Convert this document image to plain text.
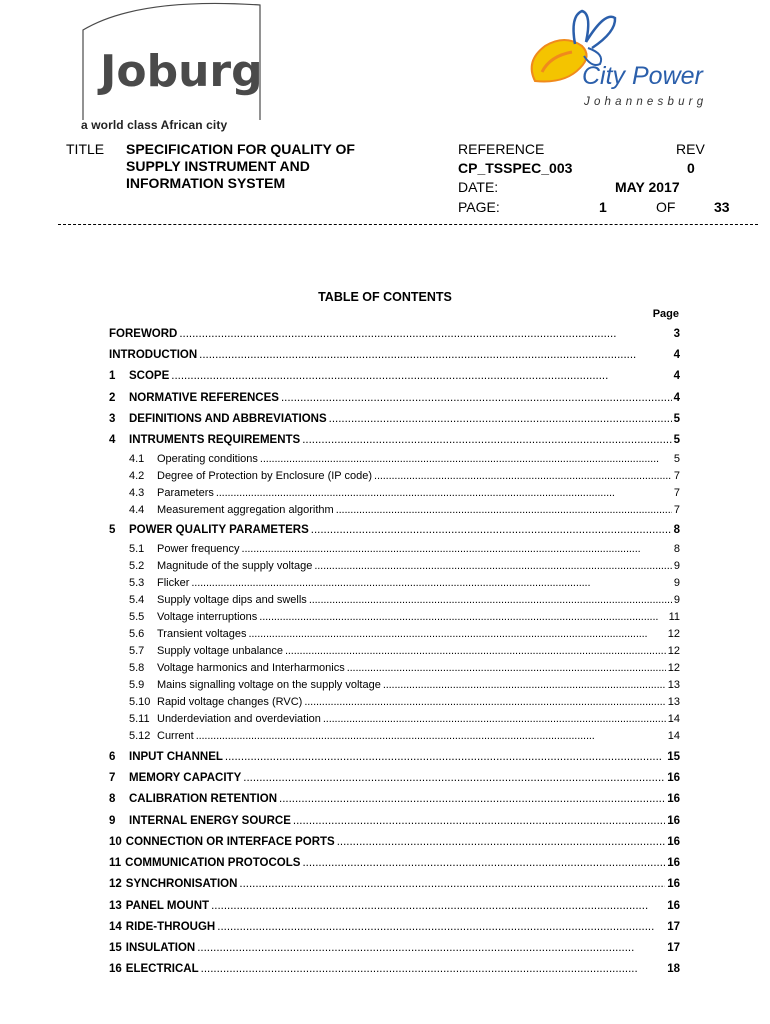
Joburg
a world class African city
City Power
Johannesburg
TITLE SPECIFICATION FOR QUALITY OF
SUPPLY INSTRUMENT AND
INFORMATION SYSTEM
REFERENCE	REV
CP_TSSPEC_003	0
DATE:	MAY 2017
PAGE:	1	OF	33
TABLE OF CONTENTS
Page
FOREWORD . . .	3
INTRODUCTION . . .	4
1	SCOPE . . .	4
2	NORMATIVE REFERENCES . . .	4
3	DEFINITIONS AND ABBREVIATIONS . . .	5
4	INTRUMENTS REQUIREMENTS . . .	5
4.1	Operating conditions . . .	5
4.2	Degree of Protection by Enclosure (IP code) . . .	7
4.3	Parameters . . .	7
4.4	Measurement aggregation algorithm . . .	7
5	POWER QUALITY PARAMETERS . . .	8
5.1	Power frequency . . .	8
5.2	Magnitude of the supply voltage . . .	9
5.3	Flicker . . .	9
5.4	Supply voltage dips and swells . . .	9
5.5	Voltage interruptions . . .	11
5.6	Transient voltages . . .	12
5.7	Supply voltage unbalance . . .	12
5.8	Voltage harmonics and Interharmonics . . .	12
5.9	Mains signalling voltage on the supply voltage . . .	13
5.10 Rapid voltage changes (RVC) . . .	13
5.11 Underdeviation and overdeviation . . .	14
5.12 Current . . .	14
6	INPUT CHANNEL . . .	15
7	MEMORY CAPACITY . . .	16
8	CALIBRATION RETENTION . . .	16
9	INTERNAL ENERGY SOURCE . . .	16
10 CONNECTION OR INTERFACE PORTS . . .	16
11 COMMUNICATION PROTOCOLS . . .	16
12 SYNCHRONISATION . . .	16
13 PANEL MOUNT . . .	16
14 RIDE-THROUGH . . .	17
15 INSULATION . . .	17
16 ELECTRICAL . . .	18
